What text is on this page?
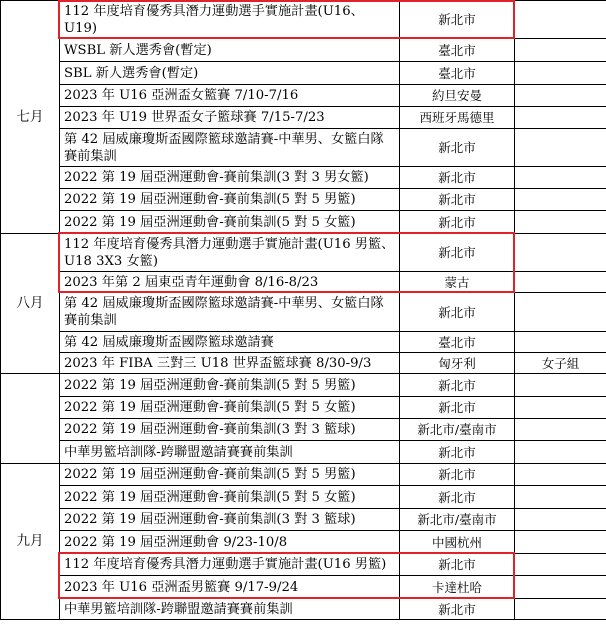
七月	112 年度培育優秀具潛力運動選手實施計畫(U16、U19)	新北市	
	WSBL 新人選秀會(暫定)	臺北市	
	SBL 新人選秀會(暫定)	臺北市	
	2023 年 U16 亞洲盃女籃賽 7/10-7/16	約旦安曼	
	2023 年 U19 世界盃女子籃球賽 7/15-7/23	西班牙馬德里	
	第 42 屆威廉瓊斯盃國際籃球邀請賽-中華男、女籃白隊賽前集訓	新北市	
	2022 第 19 屆亞洲運動會-賽前集訓(3 對 3 男女籃)	新北市	
	2022 第 19 屆亞洲運動會-賽前集訓(5 對 5 男籃)	新北市	
	2022 第 19 屆亞洲運動會-賽前集訓(5 對 5 女籃)	新北市	
八月	112 年度培育優秀具潛力運動選手實施計畫(U16 男籃、U18 3X3 女籃)	新北市	
	2023 年第 2 屆東亞青年運動會 8/16-8/23	蒙古	
	第 42 屆威廉瓊斯盃國際籃球邀請賽-中華男、女籃白隊賽前集訓	新北市	
	第 42 屆威廉瓊斯盃國際籃球邀請賽	臺北市	
	2023 年 FIBA 三對三 U18 世界盃籃球賽 8/30-9/3	匈牙利	女子組
	2022 第 19 屆亞洲運動會-賽前集訓(5 對 5 男籃)	新北市	
	2022 第 19 屆亞洲運動會-賽前集訓(5 對 5 女籃)	新北市	
	2022 第 19 屆亞洲運動會-賽前集訓(3 對 3 籃球)	新北市/臺南市	
	中華男籃培訓隊-跨聯盟邀請賽賽前集訓	新北市	
九月	2022 第 19 屆亞洲運動會-賽前集訓(5 對 5 男籃)	新北市	
	2022 第 19 屆亞洲運動會-賽前集訓(5 對 5 女籃)	新北市	
	2022 第 19 屆亞洲運動會-賽前集訓(3 對 3 籃球)	新北市/臺南市	
	2022 第 19 屆亞洲運動會 9/23-10/8	中國杭州	
	112 年度培育優秀具潛力運動選手實施計畫(U16 男籃)	新北市	
	2023 年 U16 亞洲盃男籃賽 9/17-9/24	卡達杜哈	
	中華男籃培訓隊-跨聯盟邀請賽賽前集訓	新北市	
